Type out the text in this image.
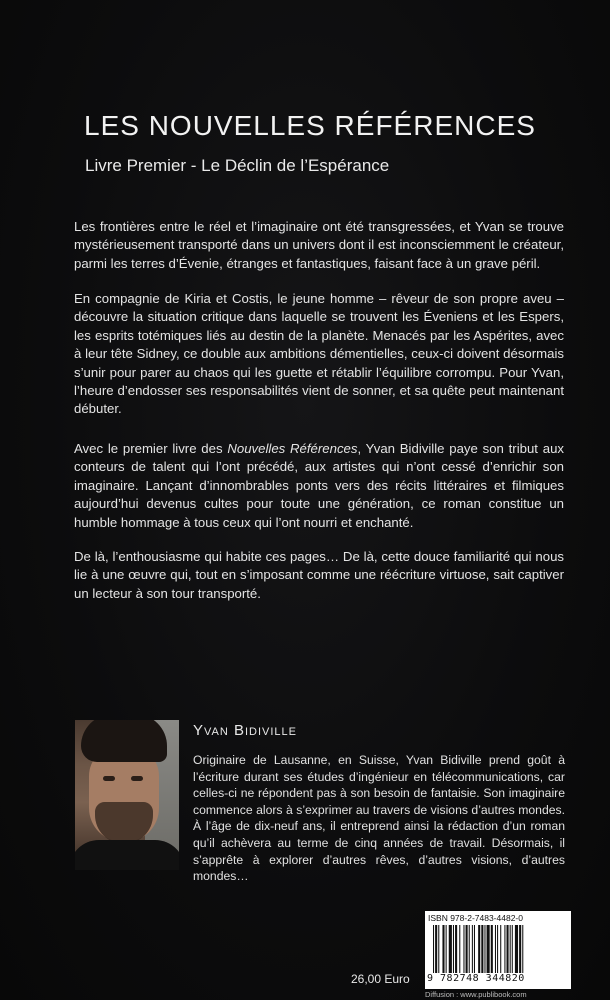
LES NOUVELLES RÉFÉRENCES
Livre Premier - Le Déclin de l’Espérance

Les frontières entre le réel et l’imaginaire ont été transgressées, et Yvan se trouve mystérieusement transporté dans un univers dont il est inconsciemment le créateur, parmi les terres d’Évenie, étranges et fantastiques, faisant face à un grave péril.

En compagnie de Kiria et Costis, le jeune homme – rêveur de son propre aveu – découvre la situation critique dans laquelle se trouvent les Éveniens et les Espers, les esprits totémiques liés au destin de la planète. Menacés par les Aspérites, avec à leur tête Sidney, ce double aux ambitions démentielles, ceux-ci doivent désormais s’unir pour parer au chaos qui les guette et rétablir l’équilibre corrompu. Pour Yvan, l’heure d’endosser ses responsabilités vient de sonner, et sa quête peut maintenant débuter.

Avec le premier livre des Nouvelles Références, Yvan Bidiville paye son tribut aux conteurs de talent qui l’ont précédé, aux artistes qui n’ont cessé d’enrichir son imaginaire. Lançant d’innombrables ponts vers des récits littéraires et filmiques aujourd’hui devenus cultes pour toute une génération, ce roman constitue un humble hommage à tous ceux qui l’ont nourri et enchanté.

De là, l’enthousiasme qui habite ces pages… De là, cette douce familiarité qui nous lie à une œuvre qui, tout en s’imposant comme une réécriture virtuose, sait captiver un lecteur à son tour transporté.

Yvan Bidiville

Originaire de Lausanne, en Suisse, Yvan Bidiville prend goût à l’écriture durant ses études d’ingénieur en télécommunications, car celles-ci ne répondent pas à son besoin de fantaisie. Son imaginaire commence alors à s’exprimer au travers de visions d’autres mondes. À l’âge de dix-neuf ans, il entreprend ainsi la rédaction d’un roman qu’il achèvera au terme de cinq années de travail. Désormais, il s’apprête à explorer d’autres rêves, d’autres visions, d’autres mondes…

26,00 Euro
ISBN 978-2-7483-4482-0
9 782748 344820
Diffusion : www.publibook.com
